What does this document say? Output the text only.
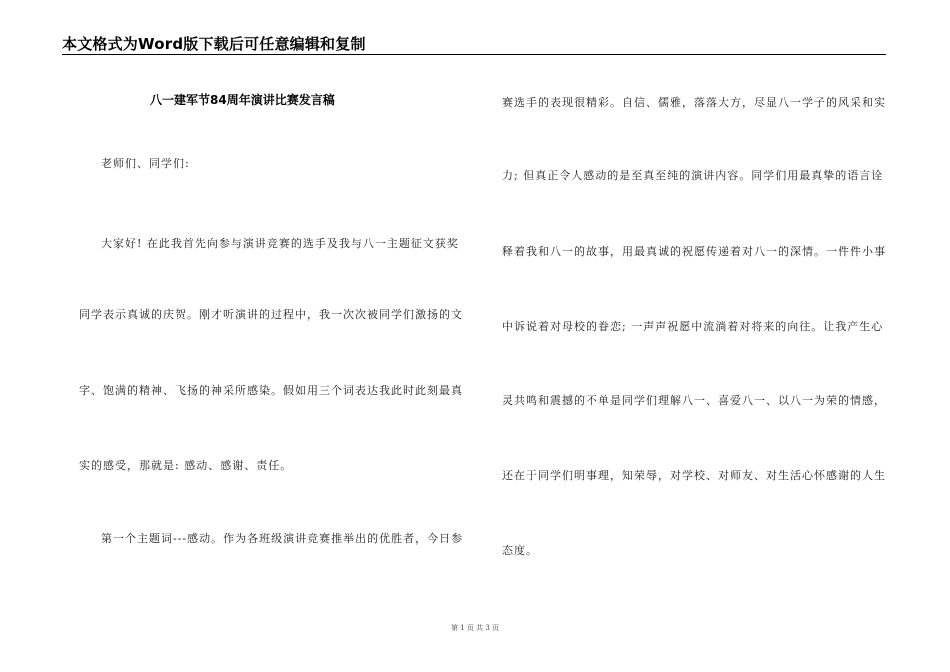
本文格式为Word版下载后可任意编辑和复制
八一建军节84周年演讲比赛发言稿
老师们、同学们:
大家好! 在此我首先向参与演讲竞赛的选手及我与八一主题征文获奖
同学表示真诚的庆贺。刚才听演讲的过程中，我一次次被同学们激扬的文
字、饱满的精神、飞扬的神采所感染。假如用三个词表达我此时此刻最真
实的感受，那就是: 感动、感谢、责任。
第一个主题词---感动。作为各班级演讲竞赛推举出的优胜者，今日参
赛选手的表现很精彩。自信、儒雅，落落大方，尽显八一学子的风采和实
力; 但真正令人感动的是至真至纯的演讲内容。同学们用最真挚的语言诠
释着我和八一的故事，用最真诚的祝愿传递着对八一的深情。一件件小事
中诉说着对母校的眷恋; 一声声祝愿中流淌着对将来的向往。让我产生心
灵共鸣和震撼的不单是同学们理解八一、喜爱八一、以八一为荣的情感，
还在于同学们明事理，知荣辱，对学校、对师友、对生活心怀感谢的人生
态度。
第 1 页 共 3 页
